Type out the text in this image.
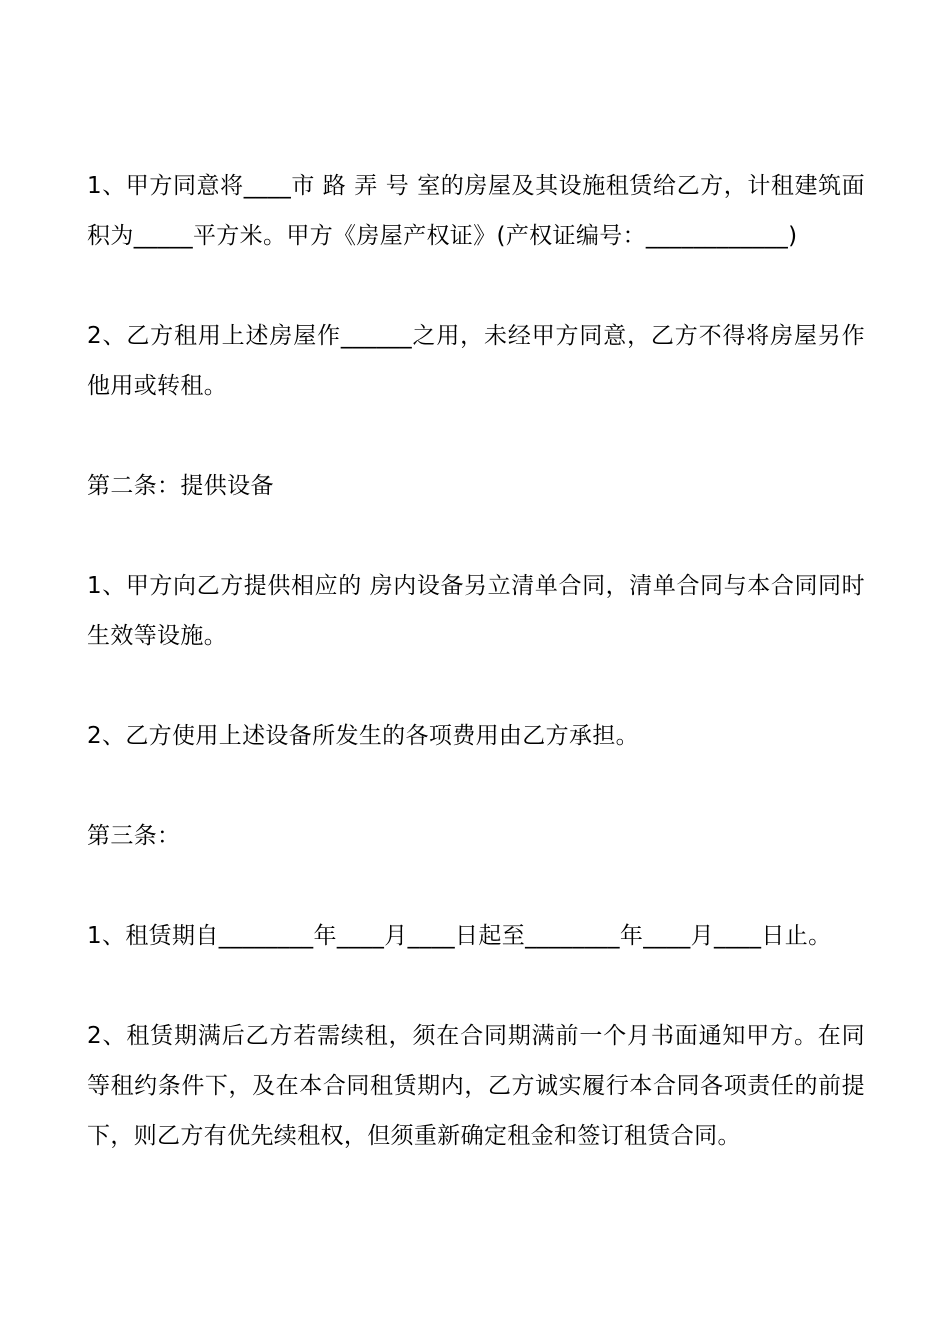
1、甲方同意将____市 路 弄 号 室的房屋及其设施租赁给乙方，计租建筑面积为_____平方米。甲方《房屋产权证》(产权证编号：____________)

2、乙方租用上述房屋作______之用，未经甲方同意，乙方不得将房屋另作他用或转租。

第二条：提供设备

1、甲方向乙方提供相应的 房内设备另立清单合同，清单合同与本合同同时生效等设施。

2、乙方使用上述设备所发生的各项费用由乙方承担。

第三条：

1、租赁期自________年____月____日起至________年____月____日止。

2、租赁期满后乙方若需续租，须在合同期满前一个月书面通知甲方。在同等租约条件下，及在本合同租赁期内，乙方诚实履行本合同各项责任的前提下，则乙方有优先续租权，但须重新确定租金和签订租赁合同。
